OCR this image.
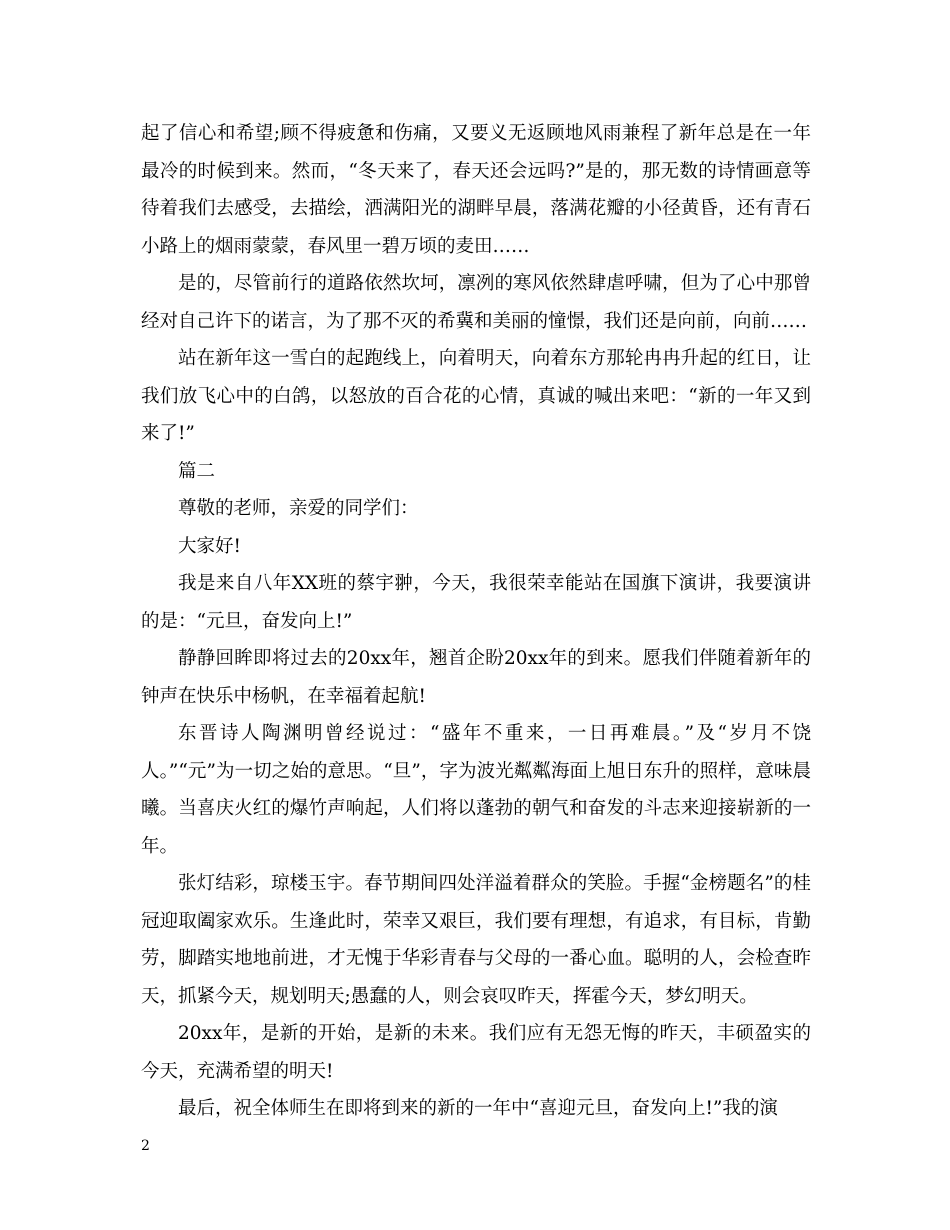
起了信心和希望;顾不得疲惫和伤痛，又要义无返顾地风雨兼程了新年总是在一年最冷的时候到来。然而，“冬天来了，春天还会远吗?”是的，那无数的诗情画意等待着我们去感受，去描绘，洒满阳光的湖畔早晨，落满花瓣的小径黄昏，还有青石小路上的烟雨蒙蒙，春风里一碧万顷的麦田……

是的，尽管前行的道路依然坎坷，凛冽的寒风依然肆虐呼啸，但为了心中那曾经对自己许下的诺言，为了那不灭的希冀和美丽的憧憬，我们还是向前，向前……

站在新年这一雪白的起跑线上，向着明天，向着东方那轮冉冉升起的红日，让我们放飞心中的白鸽，以怒放的百合花的心情，真诚的喊出来吧：“新的一年又到来了!”

篇二

尊敬的老师，亲爱的同学们：

大家好!

我是来自八年XX班的蔡宇翀，今天，我很荣幸能站在国旗下演讲，我要演讲的是：“元旦，奋发向上!”

静静回眸即将过去的20xx年，翘首企盼20xx年的到来。愿我们伴随着新年的钟声在快乐中杨帆，在幸福着起航!

东晋诗人陶渊明曾经说过：“盛年不重来，一日再难晨。”及“岁月不饶人。”“元”为一切之始的意思。“旦”，字为波光粼粼海面上旭日东升的照样，意味晨曦。当喜庆火红的爆竹声响起，人们将以蓬勃的朝气和奋发的斗志来迎接崭新的一年。

张灯结彩，琼楼玉宇。春节期间四处洋溢着群众的笑脸。手握“金榜题名”的桂冠迎取阖家欢乐。生逢此时，荣幸又艰巨，我们要有理想，有追求，有目标，肯勤劳，脚踏实地地前进，才无愧于华彩青春与父母的一番心血。聪明的人，会检查昨天，抓紧今天，规划明天;愚蠢的人，则会哀叹昨天，挥霍今天，梦幻明天。

20xx年，是新的开始，是新的未来。我们应有无怨无悔的昨天，丰硕盈实的今天，充满希望的明天!

最后，祝全体师生在即将到来的新的一年中“喜迎元旦，奋发向上!”我的演

2
